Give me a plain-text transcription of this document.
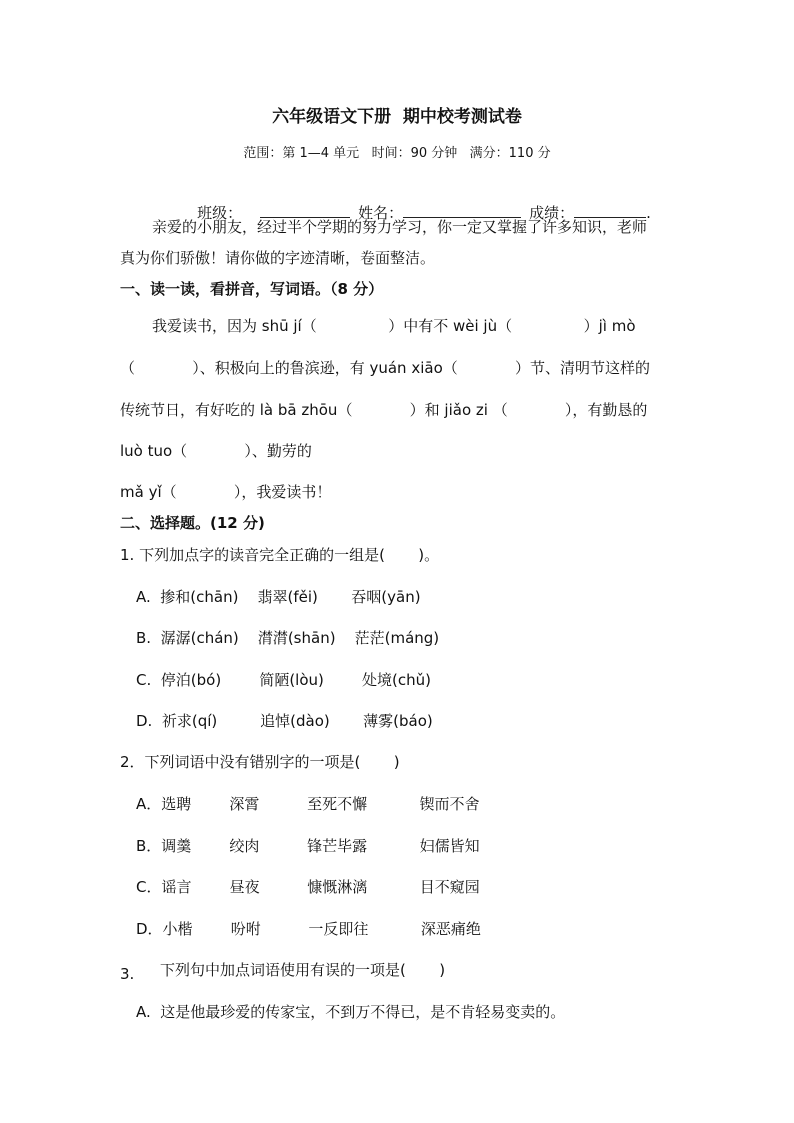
六年级语文下册  期中校考测试卷
范围：第 1—4 单元   时间：90 分钟   满分：110 分

班级：	姓名：	成绩：	.

亲爱的小朋友，经过半个学期的努力学习，你一定又掌握了许多知识，老师
真为你们骄傲！请你做的字迹清晰，卷面整洁。
一、读一读，看拼音，写词语。（8 分）
我爱读书，因为 shū jí（               ）中有不 wèi jù（               ）jì mò
（            ）、积极向上的鲁滨逊，有 yuán xiāo（            ）节、清明节这样的
传统节日，有好吃的 là bā zhōu（            ）和 jiǎo zi （            ），有勤恳的
luò tuo（            ）、勤劳的
mǎ yǐ（            ），我爱读书！
二、选择题。(12 分)
1. 下列加点字的读音完全正确的一组是(       )。
A.  掺和(chān)    翡翠(fěi)       吞咽(yān)
B.  潺潺(chán)    潸潸(shān)    茫茫(máng)
C.  停泊(bó)        简陋(lòu)        处境(chǔ)
D.  祈求(qí)         追悼(dào)       薄雾(báo)
2．下列词语中没有错别字的一项是(       )
A．选聘        深霄          至死不懈           锲而不舍
B．调羹        绞肉          锋芒毕露           妇儒皆知
C．谣言        昼夜          慷慨淋漓           目不窥园
D．小楷        吩咐          一反即往           深恶痛绝
3. 下列句中加点词语使用有误的一项是(       )
A.  这是他最珍爱的传家宝，不到万不得已，是不肯轻易变卖的。
